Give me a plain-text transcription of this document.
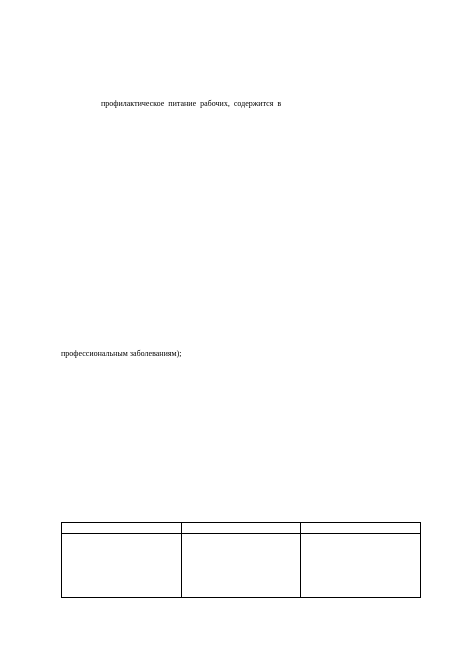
профилактическое питание рабочих, содержится в
профессиональным заболеваниям);
